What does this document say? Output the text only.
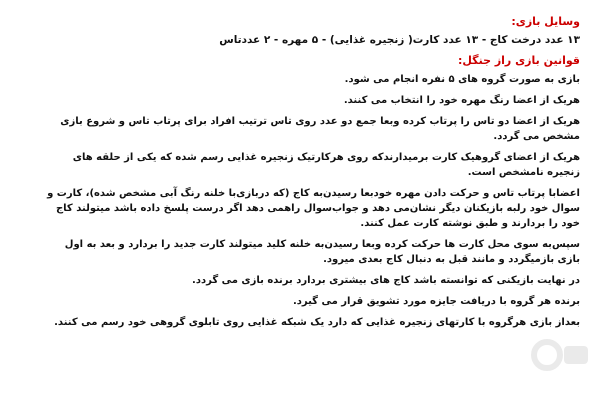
وسایل بازی:
۱۳ عدد درخت کاج - ۱۳ عدد کارت( زنجیره غذایی) - ۵ مهره - ۲ عددتاس
قوانین بازی راز جنگل:
بازی به صورت گروه های ۵ نفره انجام می شود.
هریک از اعضا رنگ مهره خود را انتخاب می کنند.
هریک از اعضا دو تاس را پرتاب کرده وبعا جمع دو عدد روی تاس ترتیب افراد برای پرتاب تاس و شروع بازی مشخص می گردد.
هریک از اعضای گروهیک کارت برمیدارندکه روی هرکارتیک زنجیره غذایی رسم شده که یکی از حلقه های زنجیره نامشخص است.
اعضابا پرتاب تاس و حرکت دادن مهره خودبعا رسیدن‌به کاج (که دربازی‌با خلنه رنگ آبی مشخص شده)، کارت و سوال خود رلبه بازیکنان دیگر نشان‌می دهد و جواب‌سوال راهمی دهد اگر درست پلسخ داده باشد میتولند کاج خود را بردارند و طبق نوشته کارت عمل کنند.
سپس‌به سوی محل کارت ها حرکت کرده وبعا رسیدن‌به خلنه کلید میتولند کارت جدید را بردارد و بعد به اول بازی بازمیگردد و مانند قبل به دنبال کاج بعدی میرود.
در نهایت بازیکنی که توانسته باشد کاج های بیشتری بردارد برنده بازی می گردد.
برنده هر گروه با دریافت جایزه مورد تشویق قرار می گیرد.
بعداز بازی هرگروه با کارتهای زنجیره غذایی که دارد یک شبکه غذایی روی تابلوی گروهی خود رسم می کنند.
